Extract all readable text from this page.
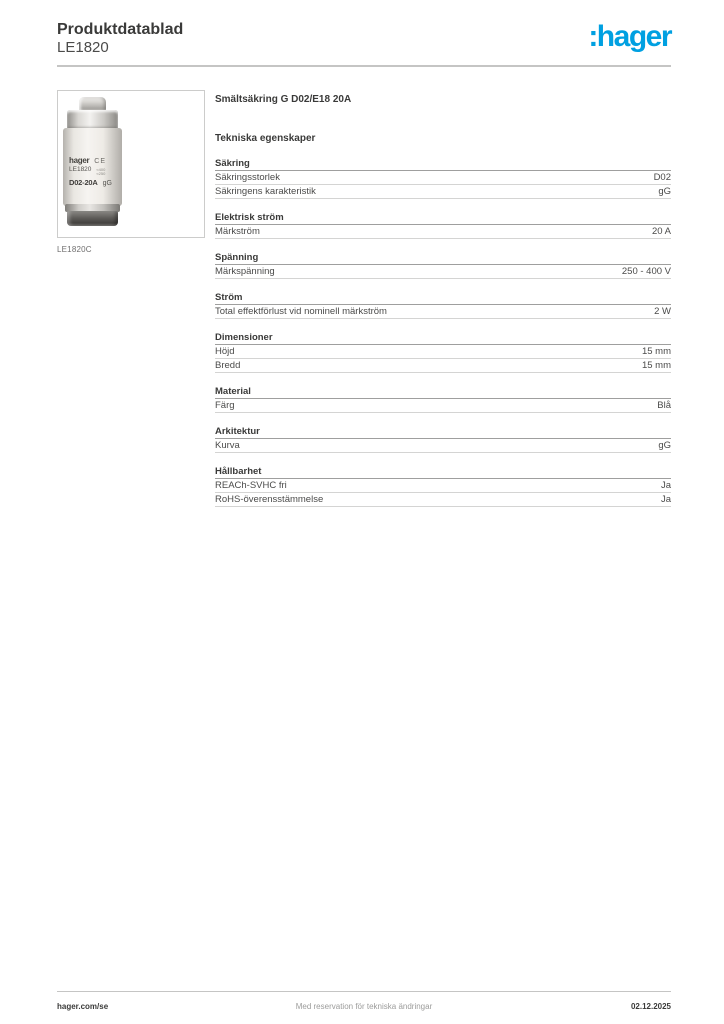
Produktdatablad
LE1820	:hager
hager CE
LE1820 ≈400
≈250
D02-20A gG
LE1820C
Smältsäkring G D02/E18 20A
Tekniska egenskaper
Säkring
Säkringsstorlek	D02
Säkringens karakteristik	gG
Elektrisk ström
Märkström	20 A
Spänning
Märkspänning	250 - 400 V
Ström
Total effektförlust vid nominell märkström	2 W
Dimensioner
Höjd	15 mm
Bredd	15 mm
Material
Färg	Blå
Arkitektur
Kurva	gG
Hållbarhet
REACh-SVHC fri	Ja
RoHS-överensstämmelse	Ja
hager.com/se	Med reservation för tekniska ändringar	02.12.2025
